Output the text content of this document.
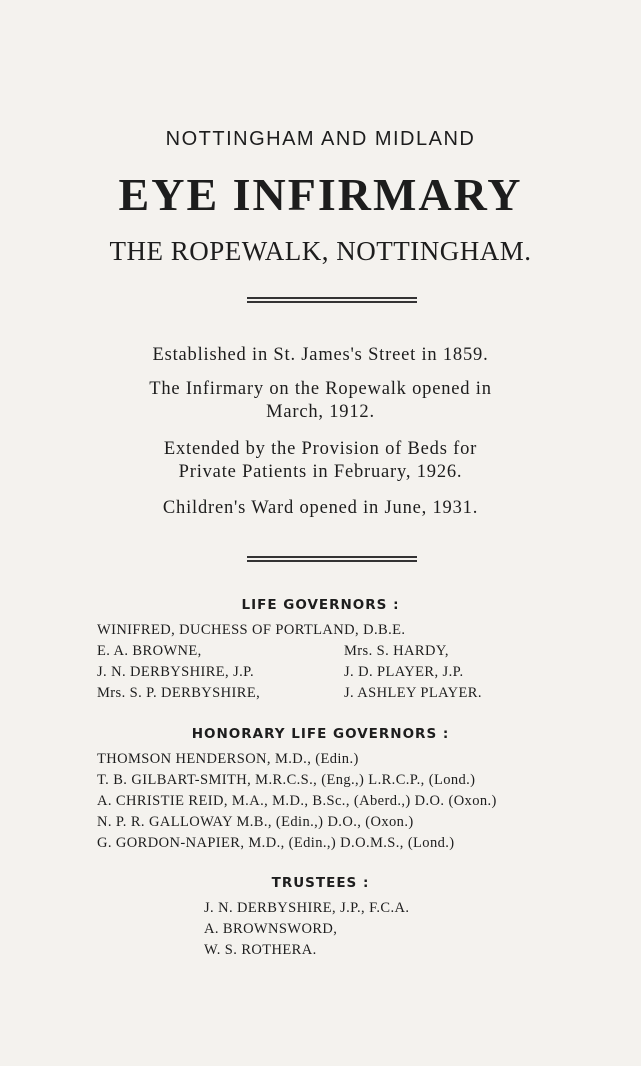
NOTTINGHAM AND MIDLAND
EYE INFIRMARY
THE ROPEWALK, NOTTINGHAM.
Established in St. James's Street in 1859.
The Infirmary on the Ropewalk opened in
March, 1912.
Extended by the Provision of Beds for
Private Patients in February, 1926.
Children's Ward opened in June, 1931.
LIFE GOVERNORS :
WINIFRED, DUCHESS OF PORTLAND, D.B.E.
E. A. BROWNE,
J. N. DERBYSHIRE, J.P.
Mrs. S. P. DERBYSHIRE,
Mrs. S. HARDY,
J. D. PLAYER, J.P.
J. ASHLEY PLAYER.
HONORARY LIFE GOVERNORS :
THOMSON HENDERSON, M.D., (Edin.)
T. B. GILBART-SMITH, M.R.C.S., (Eng.,) L.R.C.P., (Lond.)
A. CHRISTIE REID, M.A., M.D., B.Sc., (Aberd.,) D.O. (Oxon.)
N. P. R. GALLOWAY M.B., (Edin.,) D.O., (Oxon.)
G. GORDON-NAPIER, M.D., (Edin.,) D.O.M.S., (Lond.)
TRUSTEES :
J. N. DERBYSHIRE, J.P., F.C.A.
A. BROWNSWORD,
W. S. ROTHERA.
